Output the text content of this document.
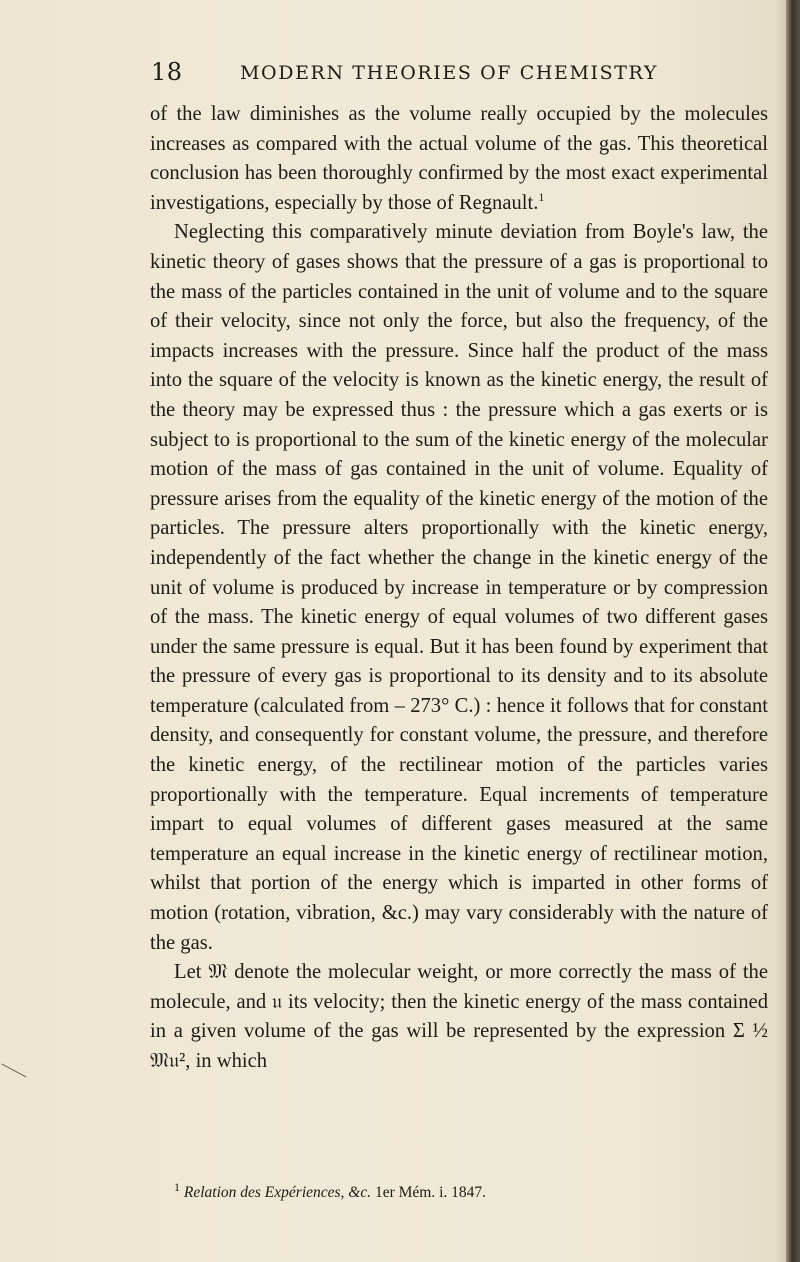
18	MODERN THEORIES OF CHEMISTRY

of the law diminishes as the volume really occupied by the molecules increases as compared with the actual volume of the gas. This theoretical conclusion has been thoroughly confirmed by the most exact experimental investigations, especially by those of Regnault.$^1$

Neglecting this comparatively minute deviation from Boyle's law, the kinetic theory of gases shows that the pressure of a gas is proportional to the mass of the particles contained in the unit of volume and to the square of their velocity, since not only the force, but also the frequency, of the impacts increases with the pressure. Since half the product of the mass into the square of the velocity is known as the kinetic energy, the result of the theory may be expressed thus : the pressure which a gas exerts or is subject to is proportional to the sum of the kinetic energy of the molecular motion of the mass of gas contained in the unit of volume. Equality of pressure arises from the equality of the kinetic energy of the motion of the particles. The pressure alters proportionally with the kinetic energy, independently of the fact whether the change in the kinetic energy of the unit of volume is produced by increase in temperature or by compression of the mass. The kinetic energy of equal volumes of two different gases under the same pressure is equal. But it has been found by experiment that the pressure of every gas is proportional to its density and to its absolute temperature (calculated from – 273° C.) : hence it follows that for constant density, and consequently for constant volume, the pressure, and therefore the kinetic energy, of the rectilinear motion of the particles varies proportionally with the temperature. Equal increments of temperature impart to equal volumes of different gases measured at the same temperature an equal increase in the kinetic energy of rectilinear motion, whilst that portion of the energy which is imparted in other forms of motion (rotation, vibration, &c.) may vary considerably with the nature of the gas.

Let 𝔐 denote the molecular weight, or more correctly the mass of the molecule, and 𝔲 its velocity; then the kinetic energy of the mass contained in a given volume of the gas will be represented by the expression Σ ½ 𝔐𝔲², in which

$^1$ Relation des Expériences, &c. 1er Mém. i. 1847.
